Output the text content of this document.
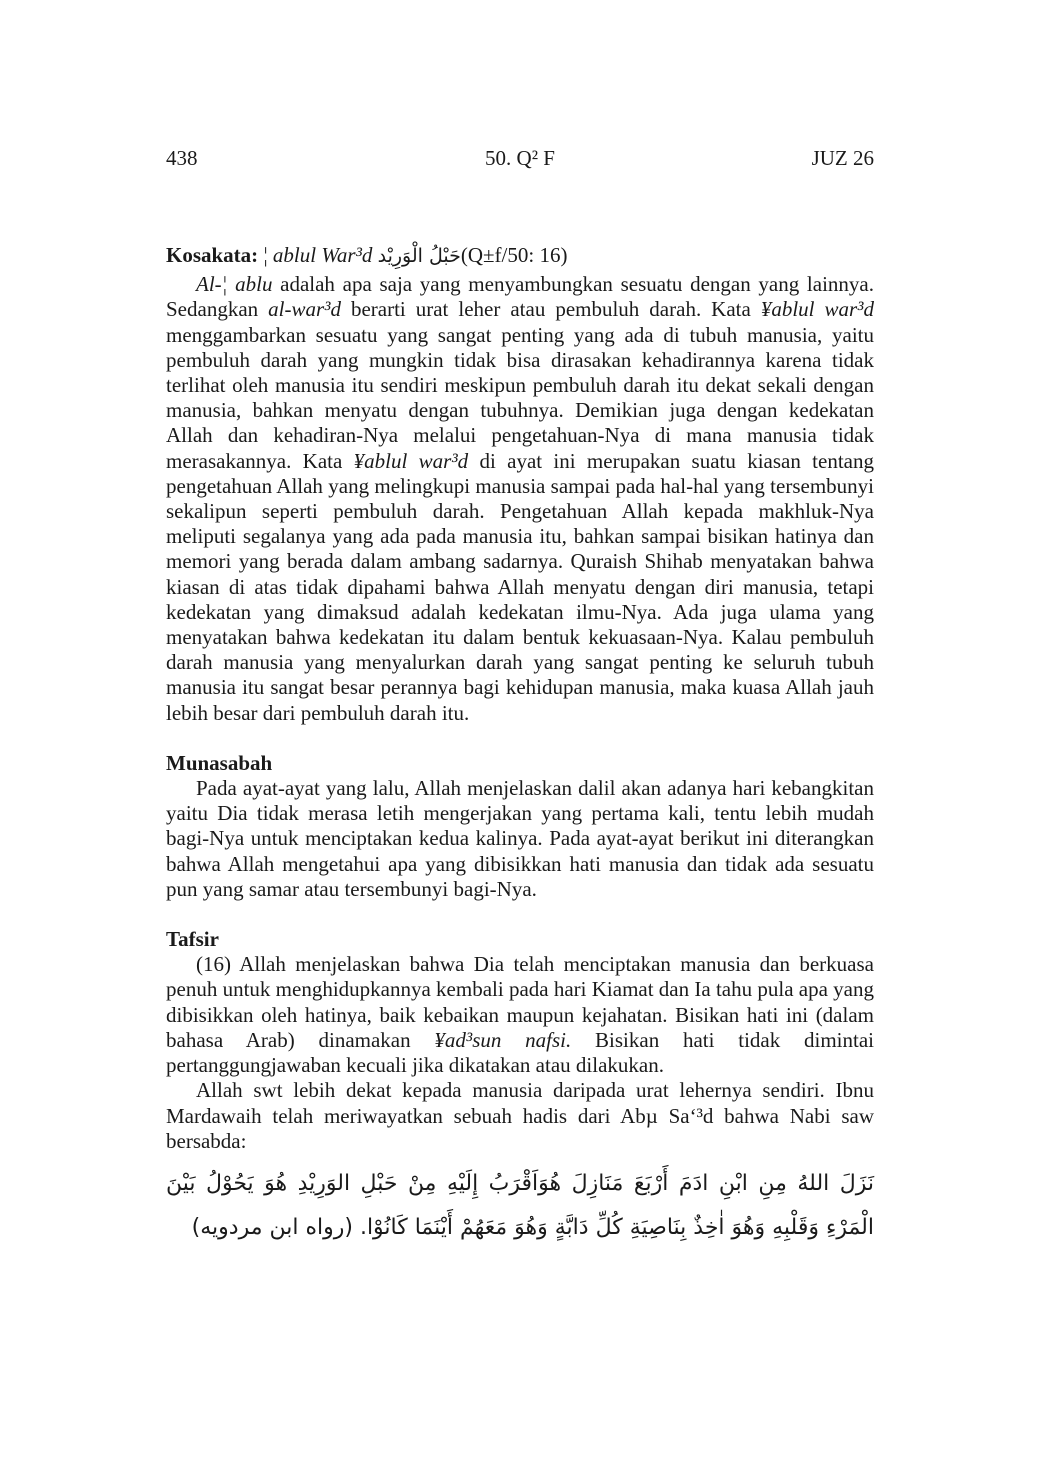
438	50. Q² F	JUZ 26

Kosakata: ¦ ablul War³d حَبْلُ الْوَرِيْد(Q±f/50: 16)

Al-¦ ablu adalah apa saja yang menyambungkan sesuatu dengan yang lainnya. Sedangkan al-war³d berarti urat leher atau pembuluh darah. Kata ¥ablul war³d menggambarkan sesuatu yang sangat penting yang ada di tubuh manusia, yaitu pembuluh darah yang mungkin tidak bisa dirasakan kehadirannya karena tidak terlihat oleh manusia itu sendiri meskipun pembuluh darah itu dekat sekali dengan manusia, bahkan menyatu dengan tubuhnya. Demikian juga dengan kedekatan Allah dan kehadiran-Nya melalui pengetahuan-Nya di mana manusia tidak merasakannya. Kata ¥ablul war³d di ayat ini merupakan suatu kiasan tentang pengetahuan Allah yang melingkupi manusia sampai pada hal-hal yang tersembunyi sekalipun seperti pembuluh darah. Pengetahuan Allah kepada makhluk-Nya meliputi segalanya yang ada pada manusia itu, bahkan sampai bisikan hatinya dan memori yang berada dalam ambang sadarnya. Quraish Shihab menyatakan bahwa kiasan di atas tidak dipahami bahwa Allah menyatu dengan diri manusia, tetapi kedekatan yang dimaksud adalah kedekatan ilmu-Nya. Ada juga ulama yang menyatakan bahwa kedekatan itu dalam bentuk kekuasaan-Nya. Kalau pembuluh darah manusia yang menyalurkan darah yang sangat penting ke seluruh tubuh manusia itu sangat besar perannya bagi kehidupan manusia, maka kuasa Allah jauh lebih besar dari pembuluh darah itu.

Munasabah

Pada ayat-ayat yang lalu, Allah menjelaskan dalil akan adanya hari kebangkitan yaitu Dia tidak merasa letih mengerjakan yang pertama kali, tentu lebih mudah bagi-Nya untuk menciptakan kedua kalinya. Pada ayat-ayat berikut ini diterangkan bahwa Allah mengetahui apa yang dibisikkan hati manusia dan tidak ada sesuatu pun yang samar atau tersembunyi bagi-Nya.

Tafsir

(16) Allah menjelaskan bahwa Dia telah menciptakan manusia dan berkuasa penuh untuk menghidupkannya kembali pada hari Kiamat dan Ia tahu pula apa yang dibisikkan oleh hatinya, baik kebaikan maupun kejahatan. Bisikan hati ini (dalam bahasa Arab) dinamakan ¥ad³sun nafsi. Bisikan hati tidak dimintai pertanggungjawaban kecuali jika dikatakan atau dilakukan.

Allah swt lebih dekat kepada manusia daripada urat lehernya sendiri. Ibnu Mardawaih telah meriwayatkan sebuah hadis dari Abµ Sa‘³d bahwa Nabi saw bersabda:

نَزَلَ اللهُ مِنِ ابْنِ ادَمَ أَرْبَعَ مَنَازِلَ هُوَاَقْرَبُ إِلَيْهِ مِنْ حَبْلِ الوَرِيْدِ هُوَ يَحُوْلُ بَيْنَ الْمَرْءِ وَقَلْبِهِ وَهُوَ اٰخِذٌ بِنَاصِيَةِ كُلِّ دَابَّةٍ وَهُوَ مَعَهُمْ أَيْنَمَا كَانُوْا. (رواه ابن مردويه)
